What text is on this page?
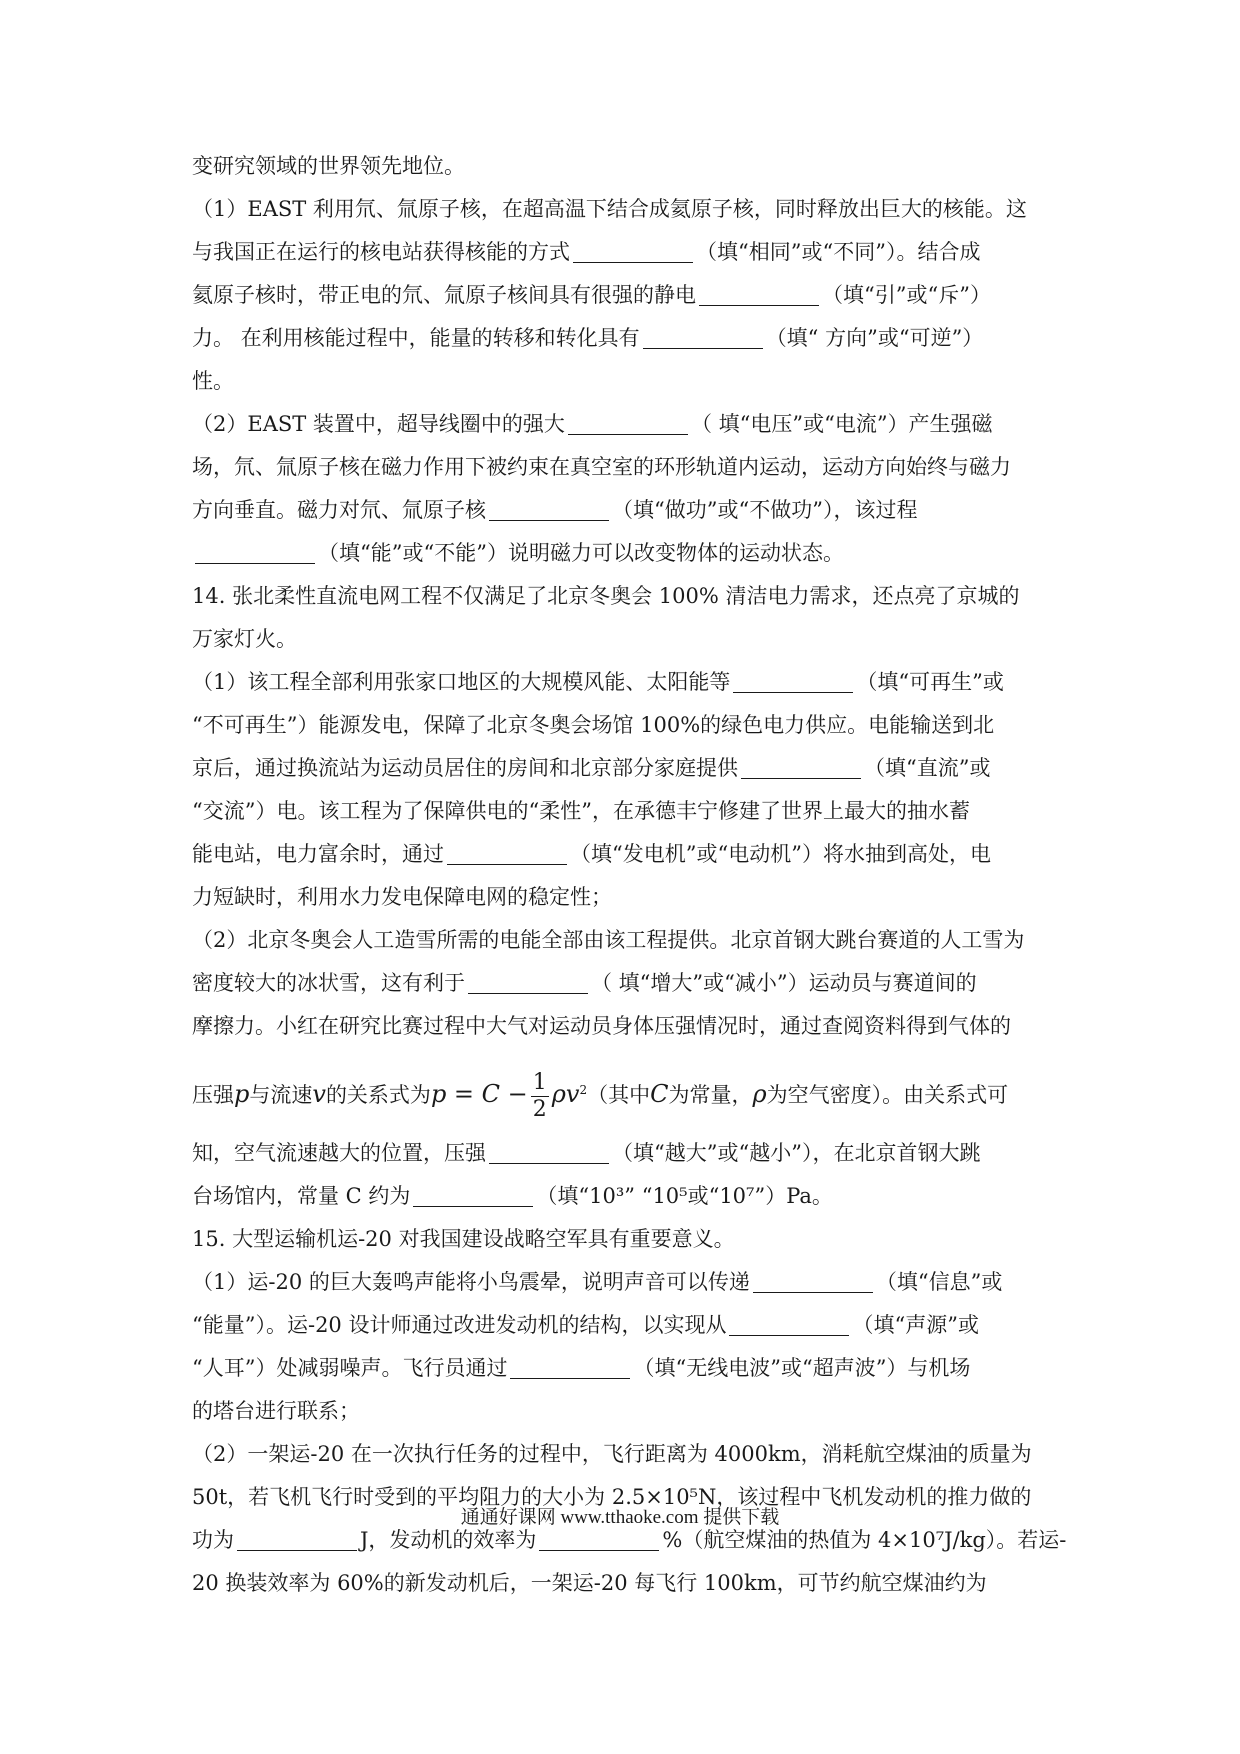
变研究领域的世界领先地位。
（1）EAST 利用氘、氚原子核，在超高温下结合成氦原子核，同时释放出巨大的核能。这
与我国正在运行的核电站获得核能的方式	（填“相同”或“不同”）。结合成
氦原子核时，带正电的氘、氚原子核间具有很强的静电	（填“引”或“斥”）
力。 在利用核能过程中，能量的转移和转化具有	（填“ 方向”或“可逆”）
性。
（2）EAST 装置中，超导线圈中的强大	（ 填“电压”或“电流”）产生强磁
场，氘、氚原子核在磁力作用下被约束在真空室的环形轨道内运动，运动方向始终与磁力
方向垂直。磁力对氘、氚原子核	（填“做功”或“不做功”），该过程
（填“能”或“不能”）说明磁力可以改变物体的运动状态。
14. 张北柔性直流电网工程不仅满足了北京冬奥会 100% 清洁电力需求，还点亮了京城的
万家灯火。
（1）该工程全部利用张家口地区的大规模风能、太阳能等	（填“可再生”或
“不可再生”）能源发电，保障了北京冬奥会场馆 100%的绿色电力供应。电能输送到北
京后，通过换流站为运动员居住的房间和北京部分家庭提供	（填“直流”或
“交流”）电。该工程为了保障供电的“柔性”，在承德丰宁修建了世界上最大的抽水蓄
能电站，电力富余时，通过	（填“发电机”或“电动机”）将水抽到高处，电
力短缺时，利用水力发电保障电网的稳定性；
（2）北京冬奥会人工造雪所需的电能全部由该工程提供。北京首钢大跳台赛道的人工雪为
密度较大的冰状雪，这有利于	（ 填“增大”或“减小”）运动员与赛道间的
摩擦力。小红在研究比赛过程中大气对运动员身体压强情况时，通过查阅资料得到气体的
压强p与流速v的关系式为$p = C - \frac{1}{2} \rho v^2$（其中C为常量，ρ为空气密度）。由关系式可
知，空气流速越大的位置，压强	（填“越大”或“越小”），在北京首钢大跳
台场馆内，常量 C 约为	（填“10³” “10⁵或“10⁷”）Pa。
15. 大型运输机运-20 对我国建设战略空军具有重要意义。
（1）运-20 的巨大轰鸣声能将小鸟震晕，说明声音可以传递	（填“信息”或
“能量”）。运-20 设计师通过改进发动机的结构，以实现从	（填“声源”或
“人耳”）处减弱噪声。飞行员通过	（填“无线电波”或“超声波”）与机场
的塔台进行联系；
（2）一架运-20 在一次执行任务的过程中，飞行距离为 4000km，消耗航空煤油的质量为
50t，若飞机飞行时受到的平均阻力的大小为 2.5×10⁵N，该过程中飞机发动机的推力做的
功为	J，发动机的效率为	%（航空煤油的热值为 4×10⁷J/kg）。若运-
20 换装效率为 60%的新发动机后，一架运-20 每飞行 100km，可节约航空煤油约为
通通好课网 www.tthaoke.com 提供下载
